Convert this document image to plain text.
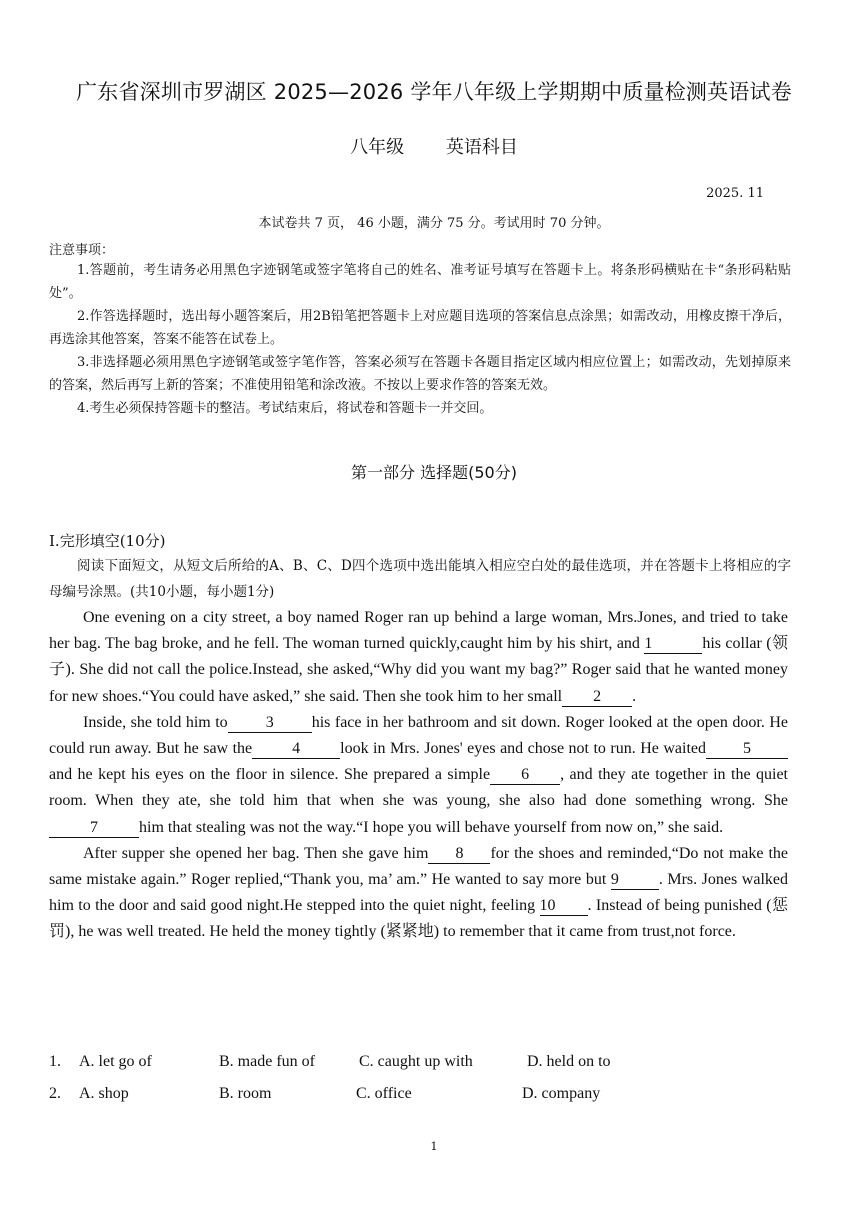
广东省深圳市罗湖区 2025—2026 学年八年级上学期期中质量检测英语试卷
八年级 英语科目
2025. 11
本试卷共 7 页， 46 小题，满分 75 分。考试用时 70 分钟。
注意事项：
1.答题前，考生请务必用黑色字迹钢笔或签字笔将自己的姓名、准考证号填写在答题卡上。将条形码横贴在卡“条形码粘贴处”。
2.作答选择题时，选出每小题答案后，用2B铅笔把答题卡上对应题目选项的答案信息点涂黑；如需改动，用橡皮擦干净后，再选涂其他答案，答案不能答在试卷上。
3.非选择题必须用黑色字迹钢笔或签字笔作答，答案必须写在答题卡各题目指定区域内相应位置上；如需改动，先划掉原来的答案，然后再写上新的答案；不准使用铅笔和涂改液。不按以上要求作答的答案无效。
4.考生必须保持答题卡的整洁。考试结束后，将试卷和答题卡一并交回。
第一部分 选择题(50分)
I.完形填空(10分)
阅读下面短文，从短文后所给的A、B、C、D四个选项中选出能填入相应空白处的最佳选项，并在答题卡上将相应的字母编号涂黑。(共10小题，每小题1分)

One evening on a city street, a boy named Roger ran up behind a large woman, Mrs.Jones, and tried to take her bag. The bag broke, and he fell. The woman turned quickly,caught him by his shirt, and 1	his collar (领子). She did not call the police.Instead, she asked,“Why did you want my bag?” Roger said that he wanted money for new shoes.“You could have asked,” she said. Then she took him to her small 2 .

Inside, she told him to 3 his face in her bathroom and sit down. Roger looked at the open door. He could run away. But he saw the	4	look in Mrs. Jones' eyes and chose not to run. He waited 5and he kept his eyes on the floor in silence. She prepared a simple 6 , and they ate together in the quiet room. When they ate, she told him that when she was young, she also had done something wrong. She7	him that stealing was not the way.“I hope you will behave yourself from now on,” she said.

After supper she opened her bag. Then she gave him 8 for the shoes and reminded,“Do not make the same mistake again.” Roger replied,“Thank you, ma’ am.” He wanted to say more but 9	. Mrs. Jones walked him to the door and said good night.He stepped into the quiet night, feeling 10 . Instead of being punished (惩罚), he was well treated. He held the money tightly (紧紧地) to remember that it came from trust,not force.

1. A. let go of	B. made fun of	C. caught up with	D. held on to
2. A. shop	B. room	C. office	D. company
1
